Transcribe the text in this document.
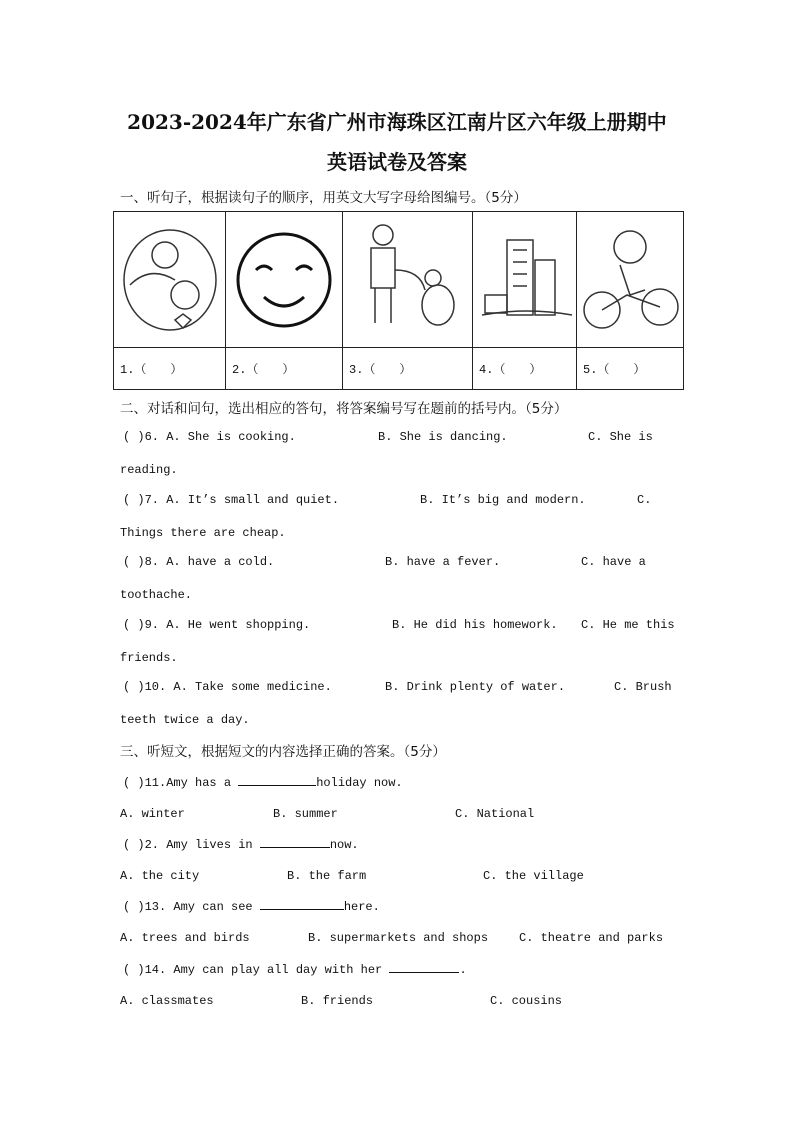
2023-2024年广东省广州市海珠区江南片区六年级上册期中
英语试卷及答案
一、听句子，根据读句子的顺序，用英文大写字母给图编号。（5分）

1.（　　）	2.（　　）	3.（　　）	4.（　　）	5.（　　）
二、对话和问句，选出相应的答句，将答案编号写在题前的括号内。（5分）
( )6. A. She is cooking.	B. She is dancing.	C. She is
reading.
( )7. A. It’s small and quiet.	B. It’s big and modern.	C.
Things there are cheap.
( )8. A. have a cold.	B. have a fever.	C. have a
toothache.
( )9. A. He went shopping.	B. He did his homework. C. He me this
friends.
( )10. A. Take some medicine.	B. Drink plenty of water.	C. Brush
teeth twice a day.
三、听短文，根据短文的内容选择正确的答案。（5分）
( )11.Amy has a	holiday now.
A. winter	B. summer	C. National
( )2. Amy lives in	now.
A. the city	B. the farm	C. the village
( )13. Amy can see	here.
A. trees and birds	B. supermarkets and shops	C. theatre and parks
( )14. Amy can play all day with her	.
A. classmates	B. friends	C. cousins
